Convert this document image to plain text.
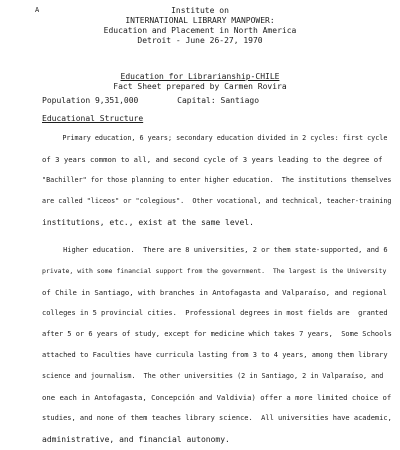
A	Institute on
INTERNATIONAL LIBRARY MANPOWER:
Education and Placement in North America
Detroit - June 26-27, 1970
Education for Librarianship-CHILE
Fact Sheet prepared by Carmen Rovira
Population 9,351,000	Capital: Santiago
Educational Structure
Primary education, 6 years; secondary education divided in 2 cycles: first cycle
of 3 years common to all, and second cycle of 3 years leading to the degree of
"Bachiller" for those planning to enter higher education.  The institutions themselves
are called "liceos" or "colegious".  Other vocational, and technical, teacher-training
institutions, etc., exist at the same level.
Higher education.  There are 8 universities, 2 or them state-supported, and 6
private, with some financial support from the government.  The largest is the University
of Chile in Santiago, with branches in Antofagasta and Valparaíso, and regional
colleges in 5 provincial cities.  Professional degrees in most fields are  granted
after 5 or 6 years of study, except for medicine which takes 7 years,  Some Schools
attached to Faculties have curricula lasting from 3 to 4 years, among them library
science and journalism.  The other universities (2 in Santiago, 2 in Valparaíso, and
one each in Antofagasta, Concepción and Valdivia) offer a more limited choice of
studies, and none of them teaches library science.  All universities have academic,
administrative, and financial autonomy.
